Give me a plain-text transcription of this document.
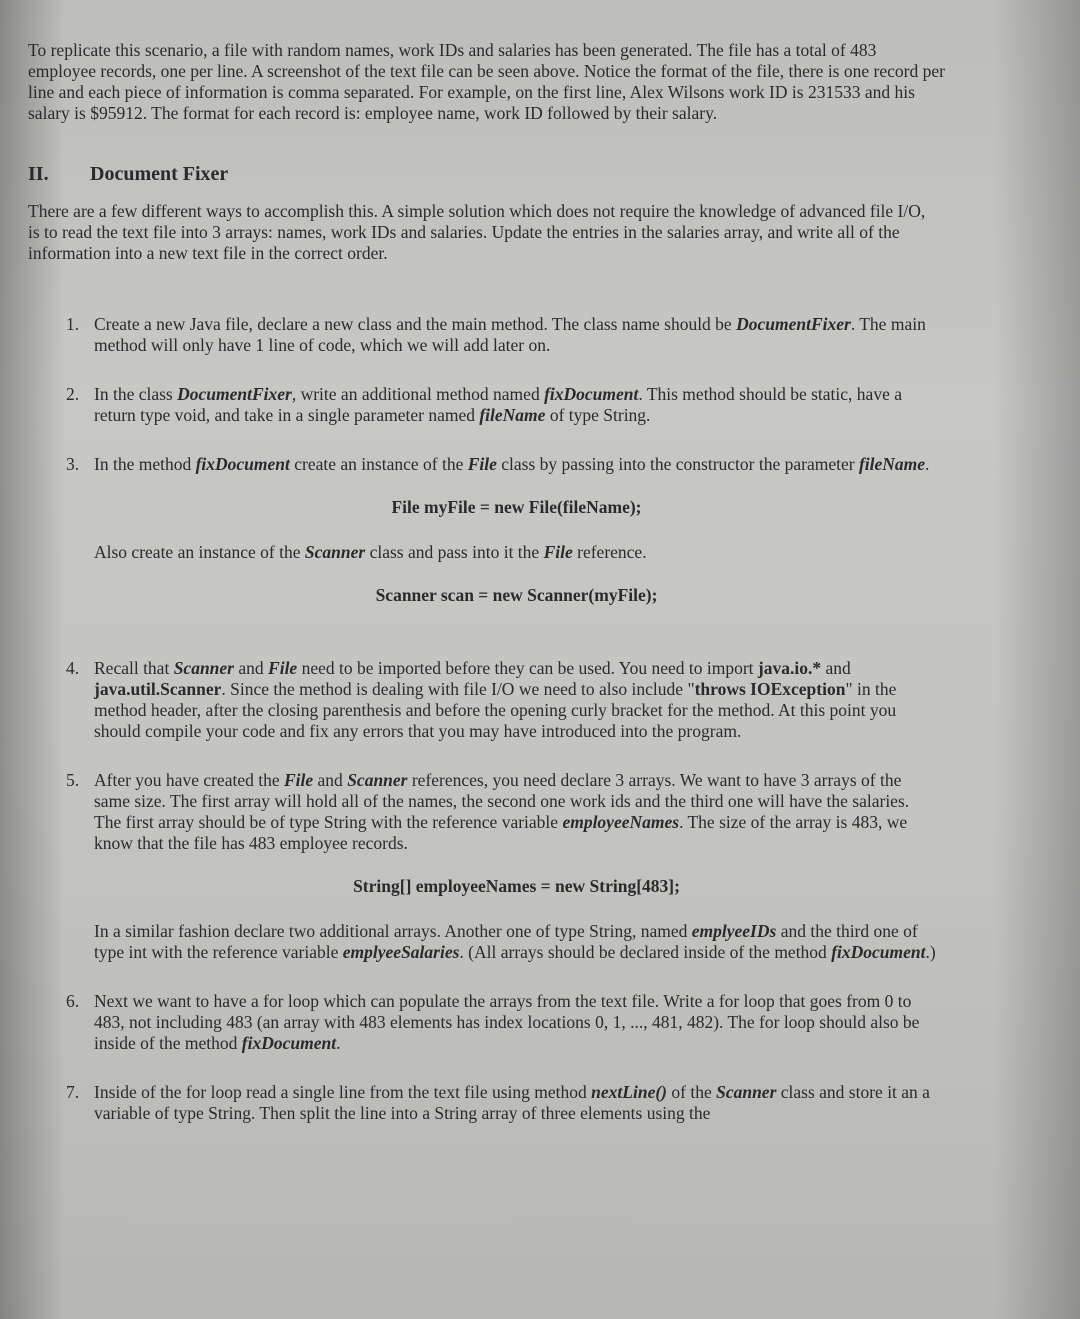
To replicate this scenario, a file with random names, work IDs and salaries has been generated. The file has a total of 483 employee records, one per line. A screenshot of the text file can be seen above. Notice the format of the file, there is one record per line and each piece of information is comma separated. For example, on the first line, Alex Wilsons work ID is 231533 and his salary is $95912. The format for each record is: employee name, work ID followed by their salary.

II.	Document Fixer

There are a few different ways to accomplish this. A simple solution which does not require the knowledge of advanced file I/O, is to read the text file into 3 arrays: names, work IDs and salaries. Update the entries in the salaries array, and write all of the information into a new text file in the correct order.

1. Create a new Java file, declare a new class and the main method. The class name should be DocumentFixer. The main method will only have 1 line of code, which we will add later on.

2. In the class DocumentFixer, write an additional method named fixDocument. This method should be static, have a return type void, and take in a single parameter named fileName of type String.

3. In the method fixDocument create an instance of the File class by passing into the constructor the parameter fileName.

File myFile = new File(fileName);

Also create an instance of the Scanner class and pass into it the File reference.

Scanner scan = new Scanner(myFile);

4. Recall that Scanner and File need to be imported before they can be used. You need to import java.io.* and java.util.Scanner. Since the method is dealing with file I/O we need to also include "throws IOException" in the method header, after the closing parenthesis and before the opening curly bracket for the method. At this point you should compile your code and fix any errors that you may have introduced into the program.

5. After you have created the File and Scanner references, you need declare 3 arrays. We want to have 3 arrays of the same size. The first array will hold all of the names, the second one work ids and the third one will have the salaries. The first array should be of type String with the reference variable employeeNames. The size of the array is 483, we know that the file has 483 employee records.

String[] employeeNames = new String[483];

In a similar fashion declare two additional arrays. Another one of type String, named emplyeeIDs and the third one of type int with the reference variable emplyeeSalaries. (All arrays should be declared inside of the method fixDocument.)

6. Next we want to have a for loop which can populate the arrays from the text file. Write a for loop that goes from 0 to 483, not including 483 (an array with 483 elements has index locations 0, 1, ..., 481, 482). The for loop should also be inside of the method fixDocument.

7. Inside of the for loop read a single line from the text file using method nextLine() of the Scanner class and store it an a variable of type String. Then split the line into a String array of three elements using the
